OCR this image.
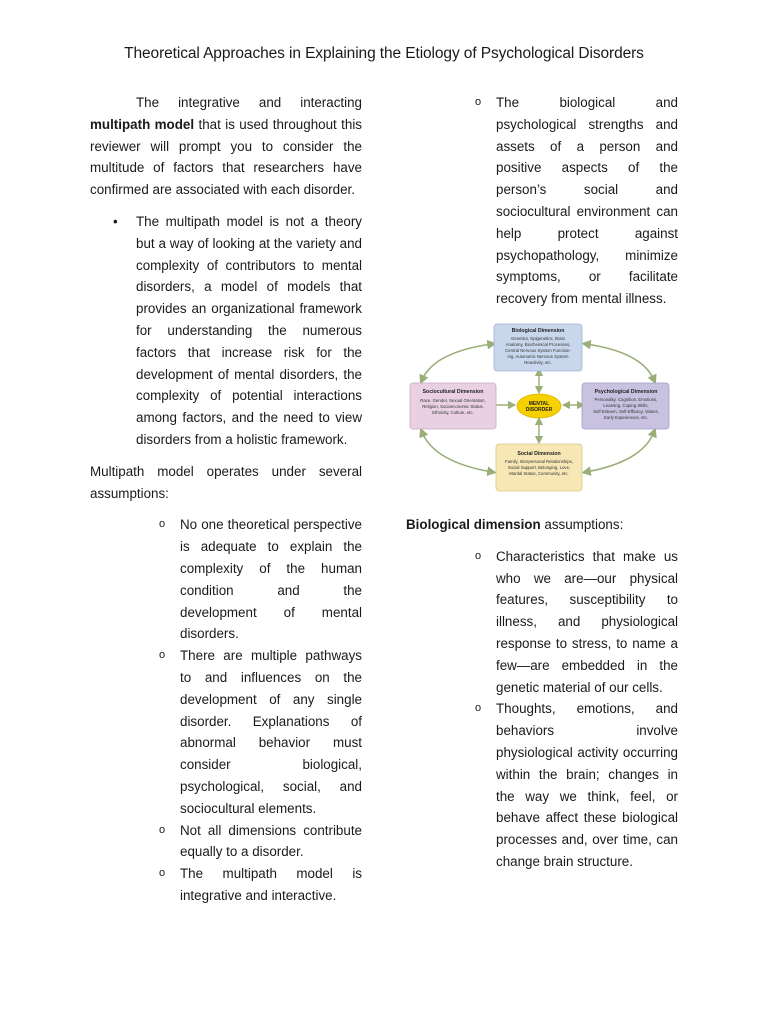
Theoretical Approaches in Explaining the Etiology of Psychological Disorders

The integrative and interacting multipath model that is used throughout this reviewer will prompt you to consider the multitude of factors that researchers have confirmed are associated with each disorder.

• The multipath model is not a theory but a way of looking at the variety and complexity of contributors to mental disorders, a model of models that provides an organizational framework for understanding the numerous factors that increase risk for the development of mental disorders, the complexity of potential interactions among factors, and the need to view disorders from a holistic framework.

Multipath model operates under several assumptions:

o No one theoretical perspective is adequate to explain the complexity of the human condition and the development of mental disorders.
o There are multiple pathways to and influences on the development of any single disorder. Explanations of abnormal behavior must consider biological, psychological, social, and sociocultural elements.
o Not all dimensions contribute equally to a disorder.
o The multipath model is integrative and interactive.
o The biological and psychological strengths and assets of a person and positive aspects of the person’s social and sociocultural environment can help protect against psychopathology, minimize symptoms, or facilitate recovery from mental illness.
Biological Dimension
Genetics, Epigenetics, Brain
Anatomy, Biochemical Processes,
Central Nervous System Function-
ing, Autonomic Nervous System
Reactivity, etc.
Sociocultural Dimension
Race, Gender, Sexual Orientation,
Religion, Socioeconomic Status,
Ethnicity, Culture, etc.
Psychological Dimension
Personality, Cognition, Emotions,
Learning, Coping Skills,
Self-Esteem, Self-Efficacy, Values,
Early Experiences, etc.
MENTAL
DISORDER
Social Dimension
Family, Interpersonal Relationships,
Social Support, Belonging, Love,
Marital Status, Community, etc.

Biological dimension assumptions:

o Characteristics that make us who we are—our physical features, susceptibility to illness, and physiological response to stress, to name a few—are embedded in the genetic material of our cells.
o Thoughts, emotions, and behaviors involve physiological activity occurring within the brain; changes in the way we think, feel, or behave affect these biological processes and, over time, can change brain structure.
